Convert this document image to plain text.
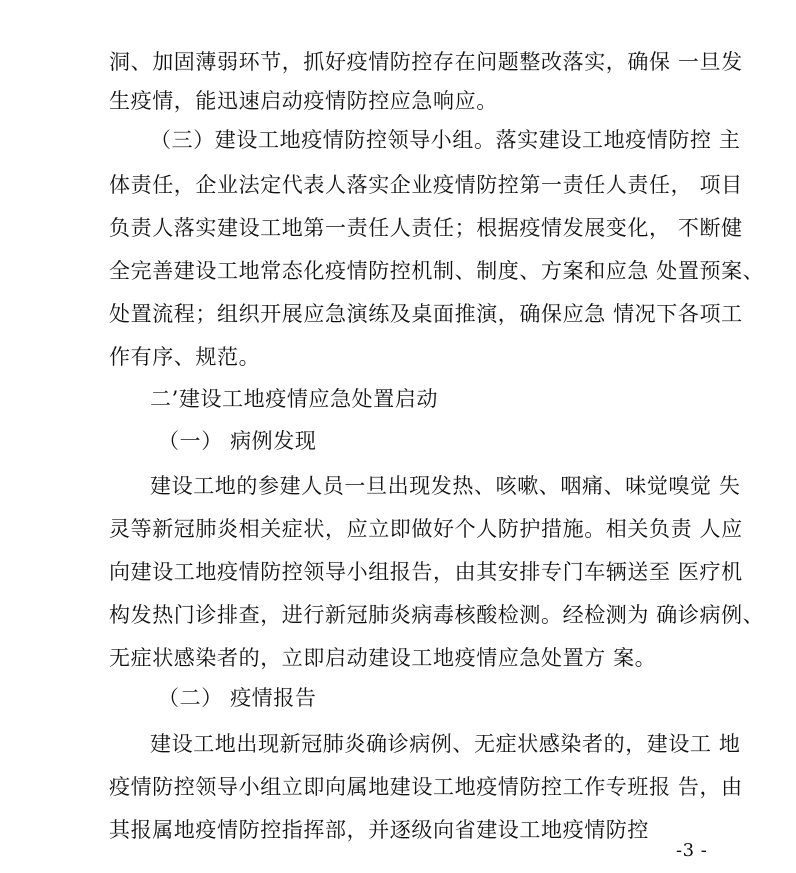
洞、加固薄弱环节，抓好疫情防控存在问题整改落实，确保 一旦发
生疫情，能迅速启动疫情防控应急响应。
（三）建设工地疫情防控领导小组。落实建设工地疫情防控 主
体责任，企业法定代表人落实企业疫情防控第一责任人责任， 项目
负责人落实建设工地第一责任人责任；根据疫情发展变化， 不断健
全完善建设工地常态化疫情防控机制、制度、方案和应急 处置预案、
处置流程；组织开展应急演练及桌面推演，确保应急 情况下各项工
作有序、规范。
二’建设工地疫情应急处置启动
（一） 病例发现
建设工地的参建人员一旦出现发热、咳嗽、咽痛、味觉嗅觉 失
灵等新冠肺炎相关症状，应立即做好个人防护措施。相关负责 人应
向建设工地疫情防控领导小组报告，由其安排专门车辆送至 医疗机
构发热门诊排查，进行新冠肺炎病毒核酸检测。经检测为 确诊病例、
无症状感染者的，立即启动建设工地疫情应急处置方 案。
（二） 疫情报告
建设工地出现新冠肺炎确诊病例、无症状感染者的，建设工 地
疫情防控领导小组立即向属地建设工地疫情防控工作专班报 告，由
其报属地疫情防控指挥部，并逐级向省建设工地疫情防控
-3 -
